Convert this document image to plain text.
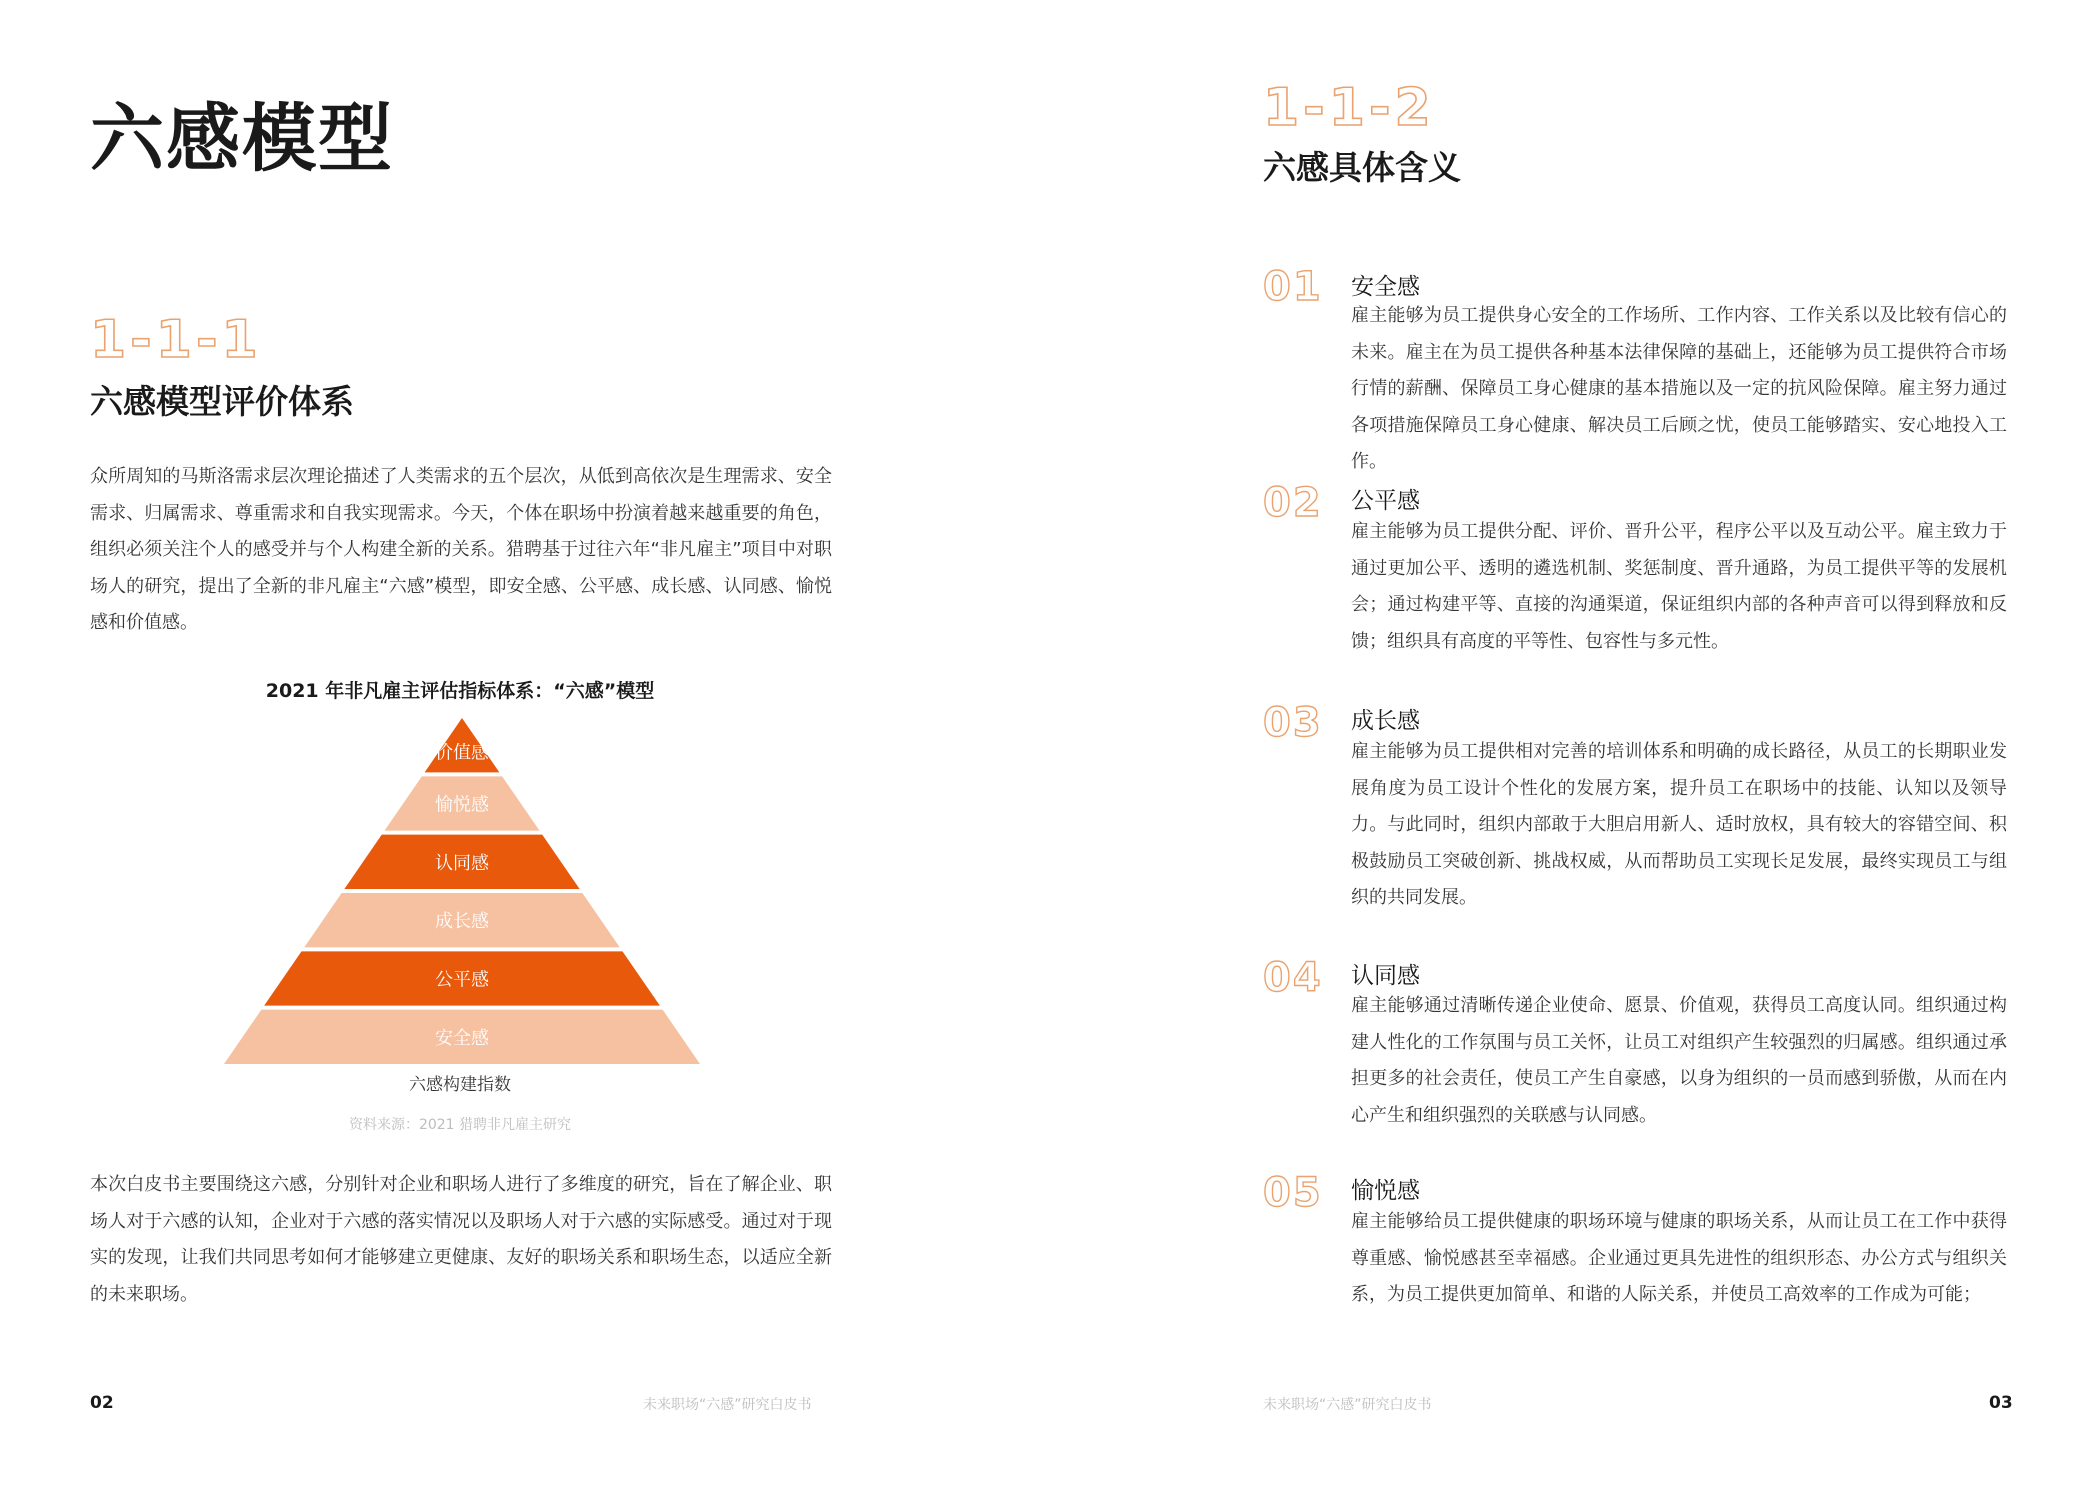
六感模型
1-1-1
六感模型评价体系

众所周知的马斯洛需求层次理论描述了人类需求的五个层次，从低到高依次是生理需求、安全需求、归属需求、尊重需求和自我实现需求。今天，个体在职场中扮演着越来越重要的角色，组织必须关注个人的感受并与个人构建全新的关系。猎聘基于过往六年“非凡雇主”项目中对职场人的研究，提出了全新的非凡雇主“六感”模型，即安全感、公平感、成长感、认同感、愉悦感和价值感。

2021 年非凡雇主评估指标体系：“六感”模型
价值感
愉悦感
认同感
成长感
公平感
安全感
六感构建指数
资料来源：2021 猎聘非凡雇主研究

本次白皮书主要围绕这六感，分别针对企业和职场人进行了多维度的研究，旨在了解企业、职场人对于六感的认知，企业对于六感的落实情况以及职场人对于六感的实际感受。通过对于现实的发现，让我们共同思考如何才能够建立更健康、友好的职场关系和职场生态，以适应全新的未来职场。

02	未来职场“六感”研究白皮书
1-1-2
六感具体含义
01 安全感

雇主能够为员工提供身心安全的工作场所、工作内容、工作关系以及比较有信心的未来。雇主在为员工提供各种基本法律保障的基础上，还能够为员工提供符合市场行情的薪酬、保障员工身心健康的基本措施以及一定的抗风险保障。雇主努力通过各项措施保障员工身心健康、解决员工后顾之忧，使员工能够踏实、安心地投入工作。

02 公平感

雇主能够为员工提供分配、评价、晋升公平，程序公平以及互动公平。雇主致力于通过更加公平、透明的遴选机制、奖惩制度、晋升通路，为员工提供平等的发展机会；通过构建平等、直接的沟通渠道，保证组织内部的各种声音可以得到释放和反馈；组织具有高度的平等性、包容性与多元性。

03 成长感

雇主能够为员工提供相对完善的培训体系和明确的成长路径，从员工的长期职业发展角度为员工设计个性化的发展方案，提升员工在职场中的技能、认知以及领导力。与此同时，组织内部敢于大胆启用新人、适时放权，具有较大的容错空间、积极鼓励员工突破创新、挑战权威，从而帮助员工实现长足发展，最终实现员工与组织的共同发展。

04 认同感

雇主能够通过清晰传递企业使命、愿景、价值观，获得员工高度认同。组织通过构建人性化的工作氛围与员工关怀，让员工对组织产生较强烈的归属感。组织通过承担更多的社会责任，使员工产生自豪感，以身为组织的一员而感到骄傲，从而在内心产生和组织强烈的关联感与认同感。

05 愉悦感

雇主能够给员工提供健康的职场环境与健康的职场关系，从而让员工在工作中获得尊重感、愉悦感甚至幸福感。企业通过更具先进性的组织形态、办公方式与组织关系，为员工提供更加简单、和谐的人际关系，并使员工高效率的工作成为可能；

未来职场“六感”研究白皮书	03
